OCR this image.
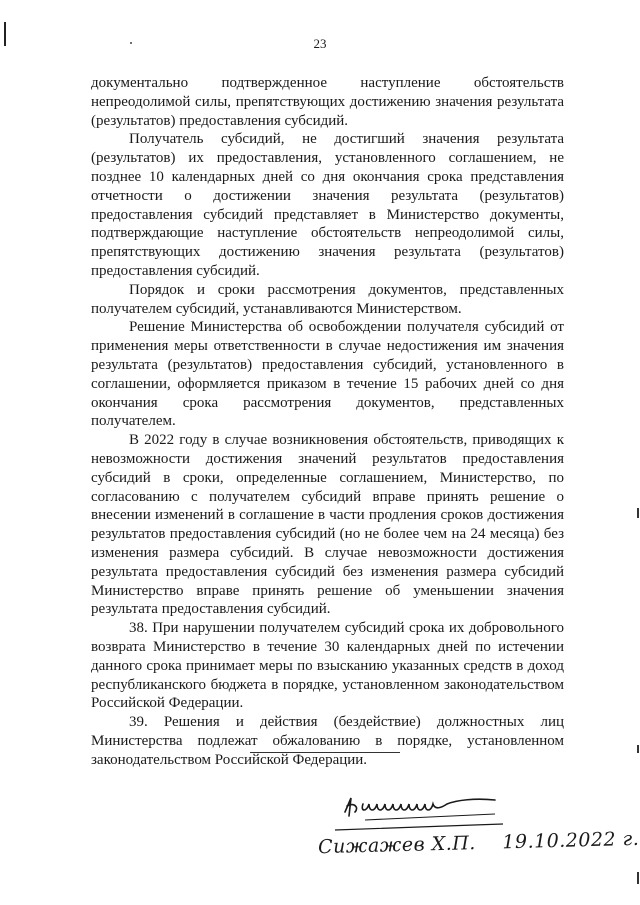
23

документально подтвержденное наступление обстоятельств непреодолимой силы, препятствующих достижению значения результата (результатов) предоставления субсидий.

Получатель субсидий, не достигший значения результата (результатов) их предоставления, установленного соглашением, не позднее 10 календарных дней со дня окончания срока представления отчетности о достижении значения результата (результатов) предоставления субсидий представляет в Министерство документы, подтверждающие наступление обстоятельств непреодолимой силы, препятствующих достижению значения результата (результатов) предоставления субсидий.

Порядок и сроки рассмотрения документов, представленных получателем субсидий, устанавливаются Министерством.

Решение Министерства об освобождении получателя субсидий от применения меры ответственности в случае недостижения им значения результата (результатов) предоставления субсидий, установленного в соглашении, оформляется приказом в течение 15 рабочих дней со дня окончания срока рассмотрения документов, представленных получателем.

В 2022 году в случае возникновения обстоятельств, приводящих к невозможности достижения значений результатов предоставления субсидий в сроки, определенные соглашением, Министерство, по согласованию с получателем субсидий вправе принять решение о внесении изменений в соглашение в части продления сроков достижения результатов предоставления субсидий (но не более чем на 24 месяца) без изменения размера субсидий. В случае невозможности достижения результата предоставления субсидий без изменения размера субсидий Министерство вправе принять решение об уменьшении значения результата предоставления субсидий.

38. При нарушении получателем субсидий срока их добровольного возврата Министерство в течение 30 календарных дней по истечении данного срока принимает меры по взысканию указанных средств в доход республиканского бюджета в порядке, установленном законодательством Российской Федерации.

39. Решения и действия (бездействие) должностных лиц Министерства подлежат обжалованию в порядке, установленном законодательством Российской Федерации.

Сижажев Х.П. 19.10.2022 г.
